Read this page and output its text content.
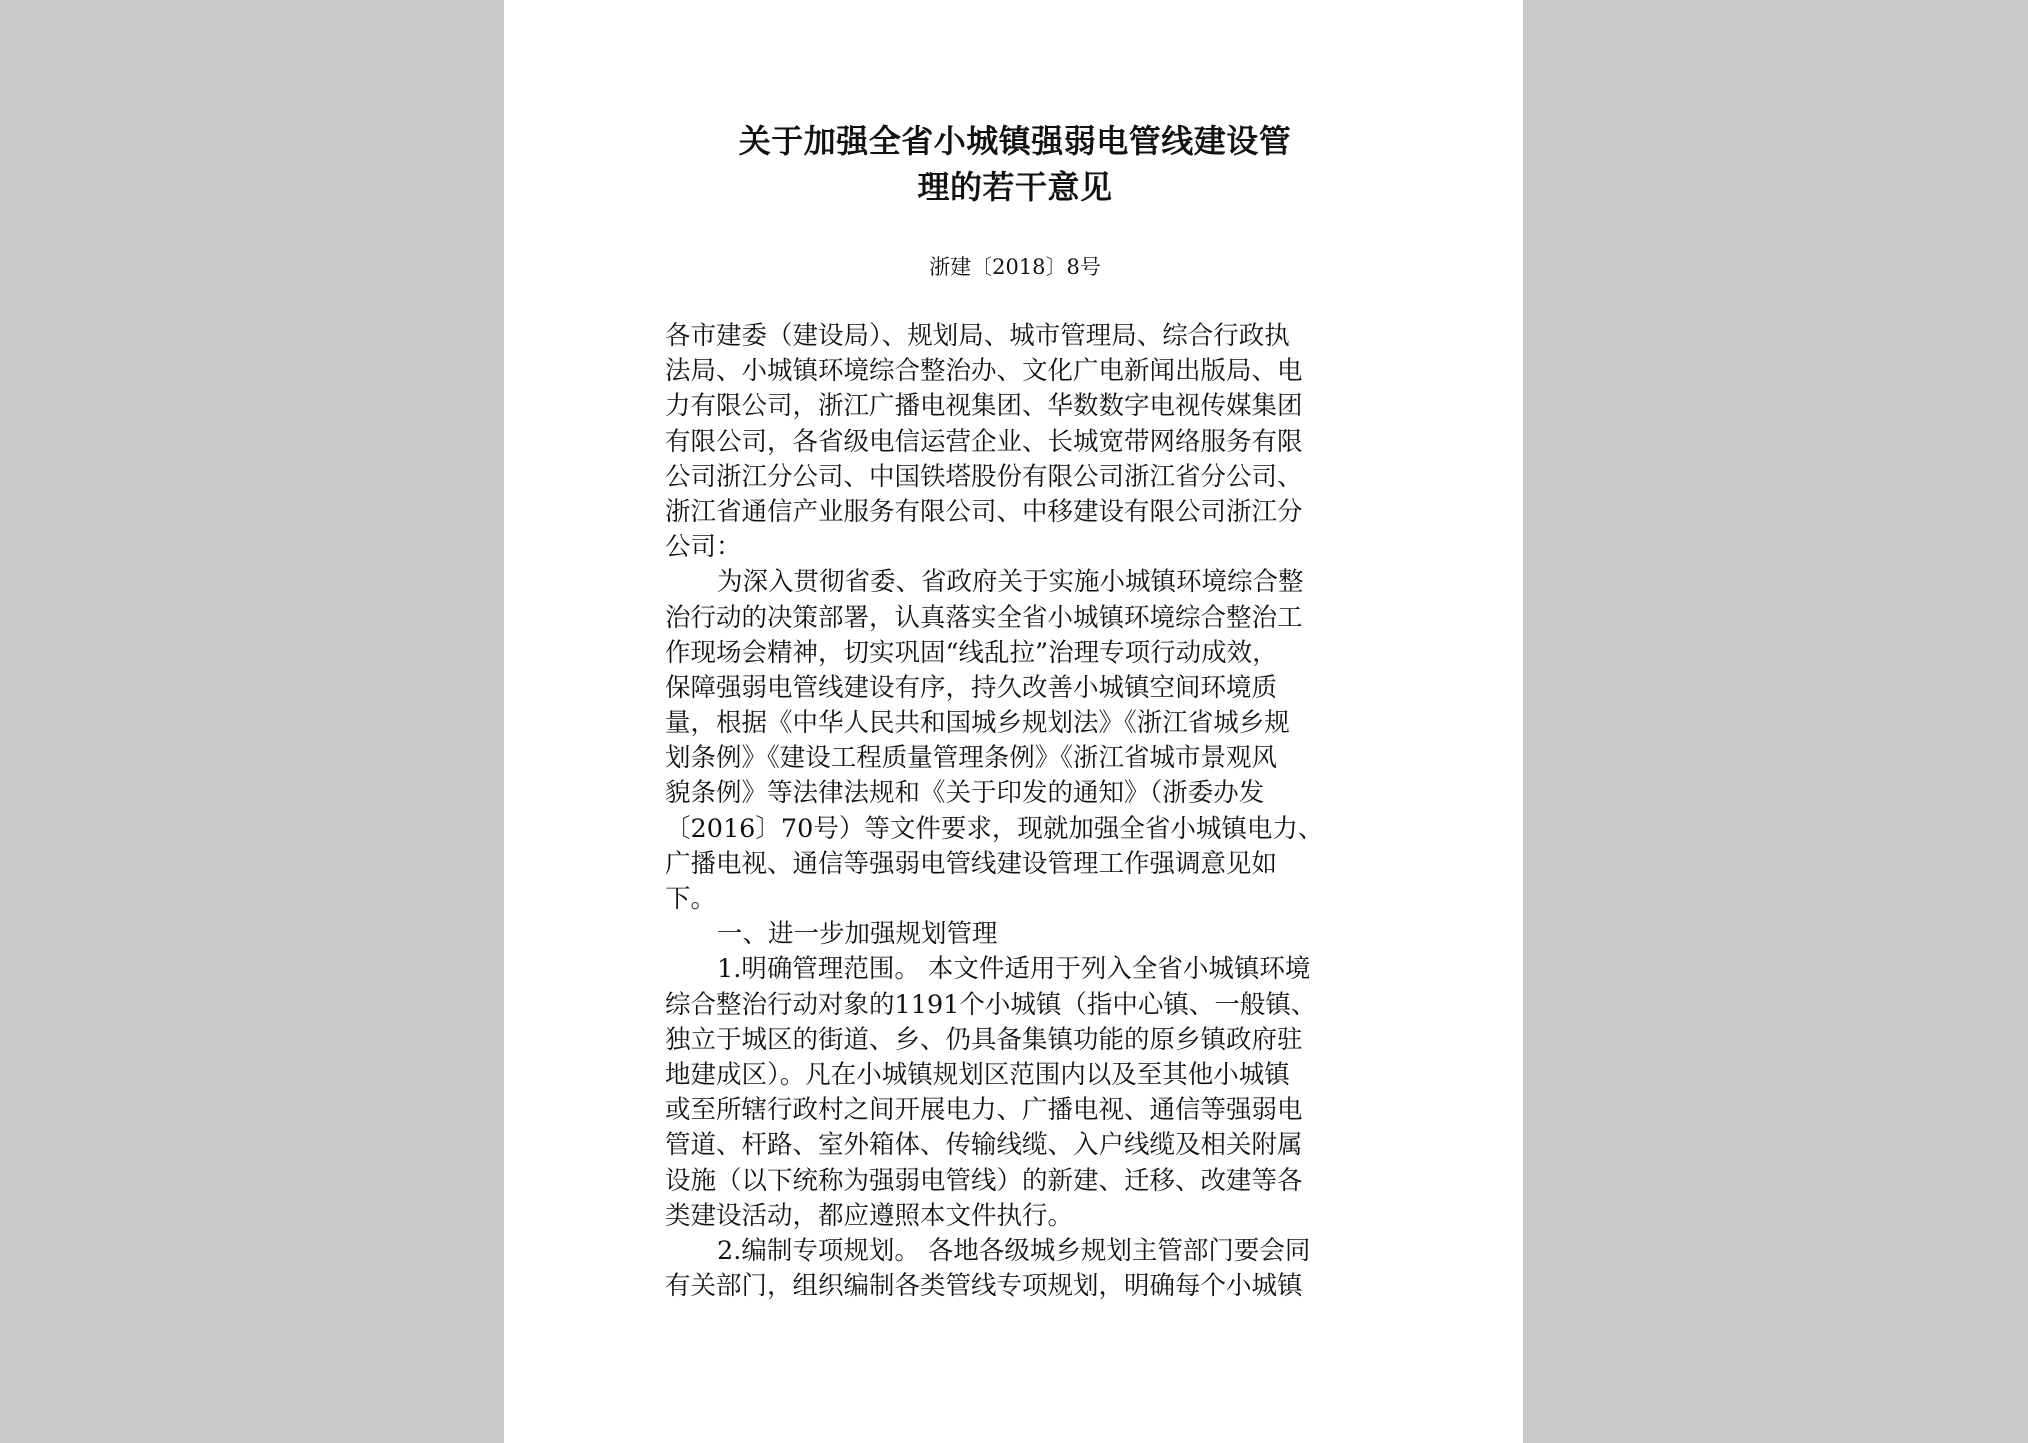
关于加强全省小城镇强弱电管线建设管
理的若干意见
浙建〔2018〕8号
各市建委（建设局）、规划局、城市管理局、综合行政执
法局、小城镇环境综合整治办、文化广电新闻出版局、电
力有限公司，浙江广播电视集团、华数数字电视传媒集团
有限公司，各省级电信运营企业、长城宽带网络服务有限
公司浙江分公司、中国铁塔股份有限公司浙江省分公司、
浙江省通信产业服务有限公司、中移建设有限公司浙江分
公司：
为深入贯彻省委、省政府关于实施小城镇环境综合整
治行动的决策部署，认真落实全省小城镇环境综合整治工
作现场会精神，切实巩固“线乱拉”治理专项行动成效，
保障强弱电管线建设有序，持久改善小城镇空间环境质
量，根据《中华人民共和国城乡规划法》《浙江省城乡规
划条例》《建设工程质量管理条例》《浙江省城市景观风
貌条例》等法律法规和《关于印发的通知》（浙委办发
〔2016〕70号）等文件要求，现就加强全省小城镇电力、
广播电视、通信等强弱电管线建设管理工作强调意见如
下。
一、进一步加强规划管理
1.明确管理范围。 本文件适用于列入全省小城镇环境
综合整治行动对象的1191个小城镇（指中心镇、一般镇、
独立于城区的街道、乡、仍具备集镇功能的原乡镇政府驻
地建成区）。凡在小城镇规划区范围内以及至其他小城镇
或至所辖行政村之间开展电力、广播电视、通信等强弱电
管道、杆路、室外箱体、传输线缆、入户线缆及相关附属
设施（以下统称为强弱电管线）的新建、迁移、改建等各
类建设活动，都应遵照本文件执行。
2.编制专项规划。 各地各级城乡规划主管部门要会同
有关部门，组织编制各类管线专项规划，明确每个小城镇
